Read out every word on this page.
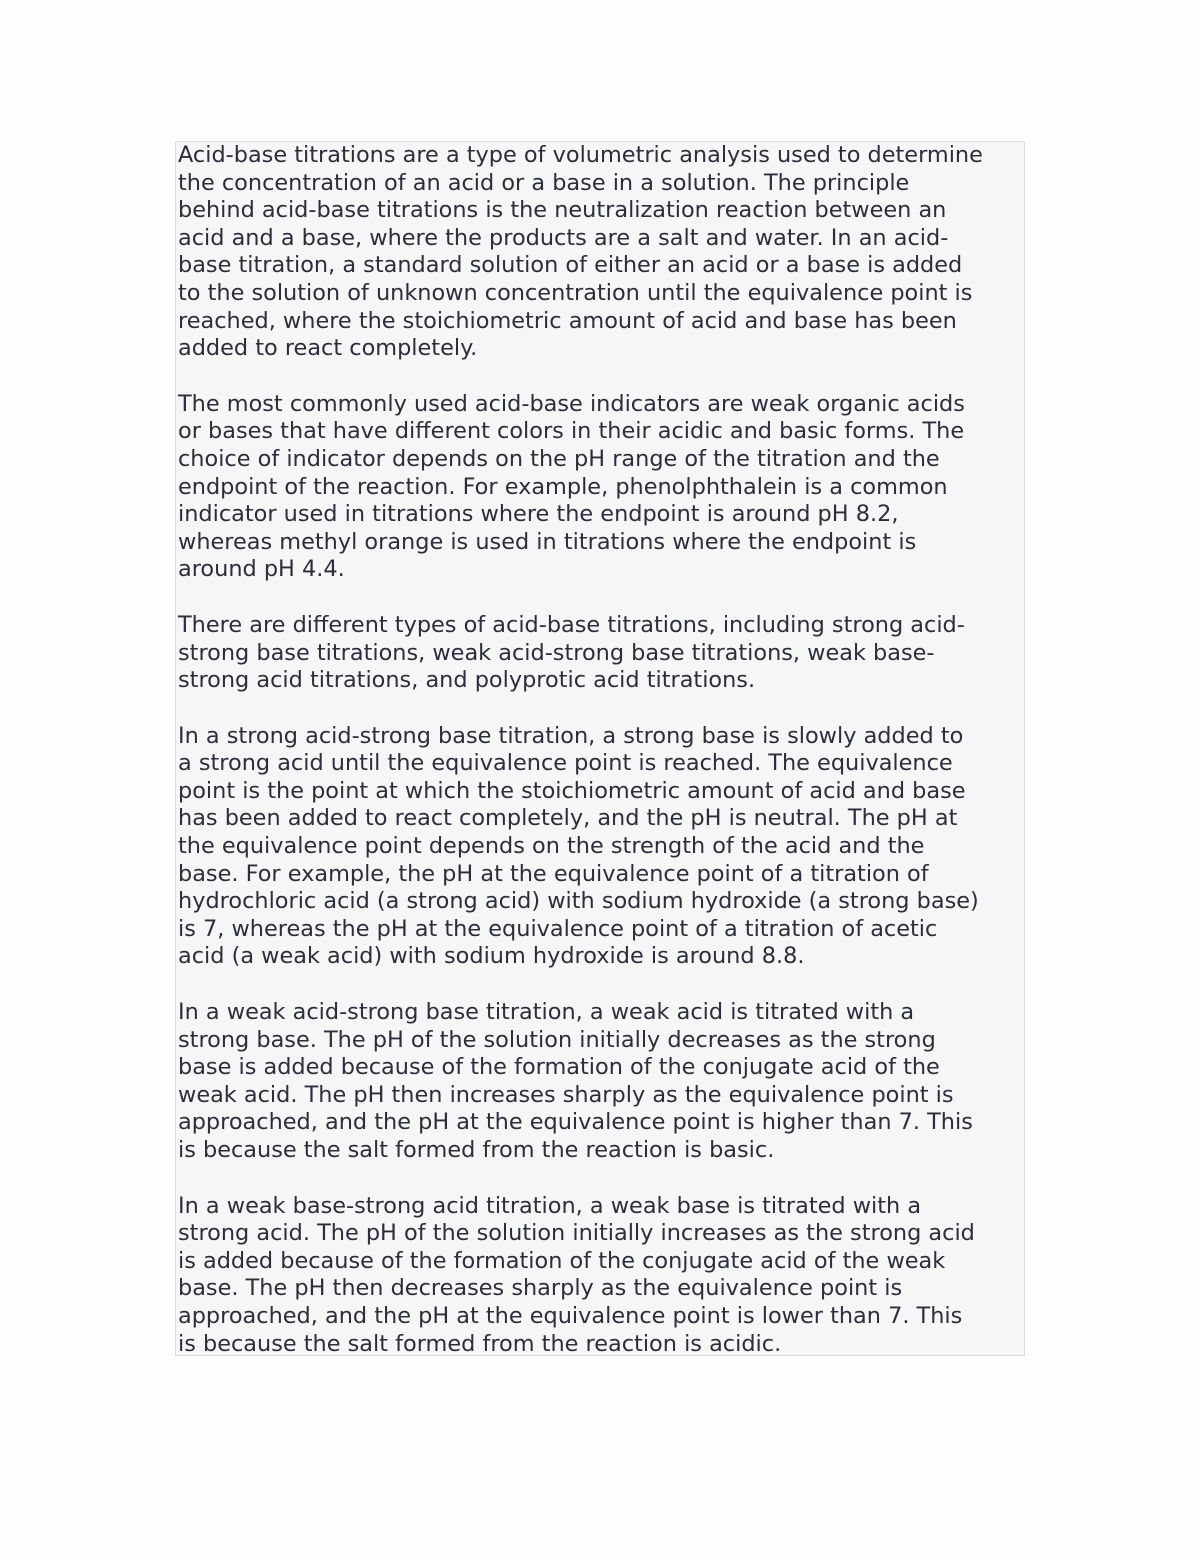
Acid-base titrations are a type of volumetric analysis used to determine
the concentration of an acid or a base in a solution. The principle
behind acid-base titrations is the neutralization reaction between an
acid and a base, where the products are a salt and water. In an acid-
base titration, a standard solution of either an acid or a base is added
to the solution of unknown concentration until the equivalence point is
reached, where the stoichiometric amount of acid and base has been
added to react completely.

The most commonly used acid-base indicators are weak organic acids
or bases that have different colors in their acidic and basic forms. The
choice of indicator depends on the pH range of the titration and the
endpoint of the reaction. For example, phenolphthalein is a common
indicator used in titrations where the endpoint is around pH 8.2,
whereas methyl orange is used in titrations where the endpoint is
around pH 4.4.

There are different types of acid-base titrations, including strong acid-
strong base titrations, weak acid-strong base titrations, weak base-
strong acid titrations, and polyprotic acid titrations.

In a strong acid-strong base titration, a strong base is slowly added to
a strong acid until the equivalence point is reached. The equivalence
point is the point at which the stoichiometric amount of acid and base
has been added to react completely, and the pH is neutral. The pH at
the equivalence point depends on the strength of the acid and the
base. For example, the pH at the equivalence point of a titration of
hydrochloric acid (a strong acid) with sodium hydroxide (a strong base)
is 7, whereas the pH at the equivalence point of a titration of acetic
acid (a weak acid) with sodium hydroxide is around 8.8.

In a weak acid-strong base titration, a weak acid is titrated with a
strong base. The pH of the solution initially decreases as the strong
base is added because of the formation of the conjugate acid of the
weak acid. The pH then increases sharply as the equivalence point is
approached, and the pH at the equivalence point is higher than 7. This
is because the salt formed from the reaction is basic.

In a weak base-strong acid titration, a weak base is titrated with a
strong acid. The pH of the solution initially increases as the strong acid
is added because of the formation of the conjugate acid of the weak
base. The pH then decreases sharply as the equivalence point is
approached, and the pH at the equivalence point is lower than 7. This
is because the salt formed from the reaction is acidic.
